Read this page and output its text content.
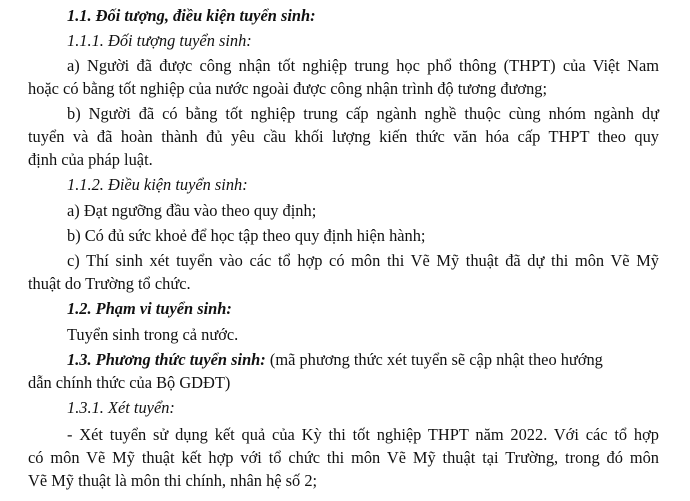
1.1. Đối tượng, điều kiện tuyển sinh:
1.1.1. Đối tượng tuyển sinh:
a) Người đã được công nhận tốt nghiệp trung học phổ thông (THPT) của Việt Nam
hoặc có bằng tốt nghiệp của nước ngoài được công nhận trình độ tương đương;
b) Người đã có bằng tốt nghiệp trung cấp ngành nghề thuộc cùng nhóm ngành dự
tuyển và đã hoàn thành đủ yêu cầu khối lượng kiến thức văn hóa cấp THPT theo quy
định của pháp luật.
1.1.2. Điều kiện tuyển sinh:
a) Đạt ngưỡng đầu vào theo quy định;
b) Có đủ sức khoẻ để học tập theo quy định hiện hành;
c) Thí sinh xét tuyển vào các tổ hợp có môn thi Vẽ Mỹ thuật đã dự thi môn Vẽ Mỹ
thuật do Trường tổ chức.
1.2. Phạm vi tuyển sinh:
Tuyển sinh trong cả nước.
1.3. Phương thức tuyển sinh: (mã phương thức xét tuyển sẽ cập nhật theo hướng
dẫn chính thức của Bộ GDĐT)
1.3.1. Xét tuyển:
- Xét tuyển sử dụng kết quả của Kỳ thi tốt nghiệp THPT năm 2022. Với các tổ hợp
có môn Vẽ Mỹ thuật kết hợp với tổ chức thi môn Vẽ Mỹ thuật tại Trường, trong đó môn
Vẽ Mỹ thuật là môn thi chính, nhân hệ số 2;
